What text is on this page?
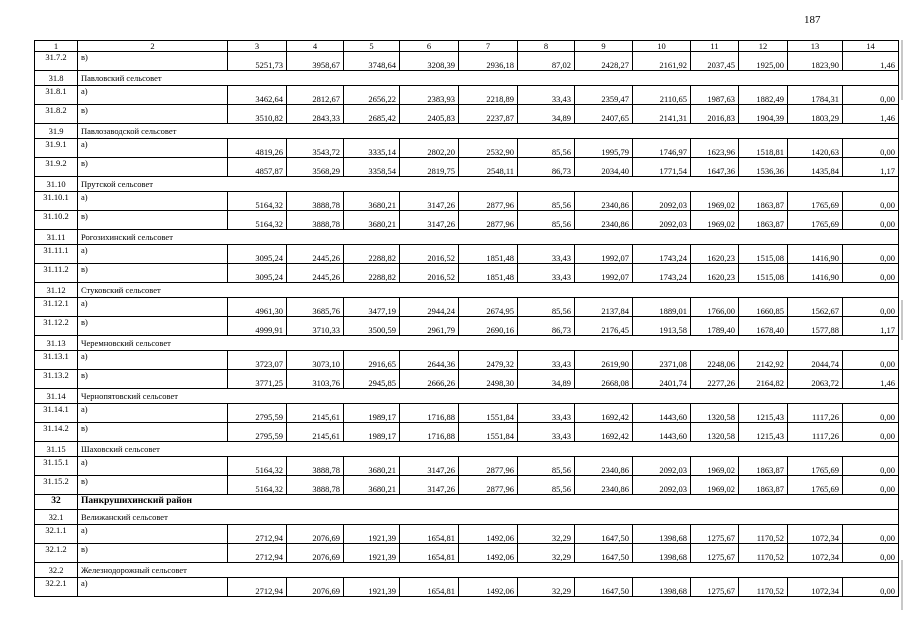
187
1	2	3	4	5	6	7	8	9	10	11	12	13	14
31.7.2	в)	5251,73	3958,67	3748,64	3208,39	2936,18	87,02	2428,27	2161,92	2037,45	1925,00	1823,90	1,46
31.8	Павловский сельсовет												
31.8.1	а)	3462,64	2812,67	2656,22	2383,93	2218,89	33,43	2359,47	2110,65	1987,63	1882,49	1784,31	0,00
31.8.2	в)	3510,82	2843,33	2685,42	2405,83	2237,87	34,89	2407,65	2141,31	2016,83	1904,39	1803,29	1,46
31.9	Павлозаводской сельсовет												
31.9.1	а)	4819,26	3543,72	3335,14	2802,20	2532,90	85,56	1995,79	1746,97	1623,96	1518,81	1420,63	0,00
31.9.2	в)	4857,87	3568,29	3358,54	2819,75	2548,11	86,73	2034,40	1771,54	1647,36	1536,36	1435,84	1,17
31.10	Прутской сельсовет												
31.10.1	а)	5164,32	3888,78	3680,21	3147,26	2877,96	85,56	2340,86	2092,03	1969,02	1863,87	1765,69	0,00
31.10.2	в)	5164,32	3888,78	3680,21	3147,26	2877,96	85,56	2340,86	2092,03	1969,02	1863,87	1765,69	0,00
31.11	Рогозихинский сельсовет												
31.11.1	а)	3095,24	2445,26	2288,82	2016,52	1851,48	33,43	1992,07	1743,24	1620,23	1515,08	1416,90	0,00
31.11.2	в)	3095,24	2445,26	2288,82	2016,52	1851,48	33,43	1992,07	1743,24	1620,23	1515,08	1416,90	0,00
31.12	Стуковский сельсовет												
31.12.1	а)	4961,30	3685,76	3477,19	2944,24	2674,95	85,56	2137,84	1889,01	1766,00	1660,85	1562,67	0,00
31.12.2	в)	4999,91	3710,33	3500,59	2961,79	2690,16	86,73	2176,45	1913,58	1789,40	1678,40	1577,88	1,17
31.13	Черемновский сельсовет												
31.13.1	а)	3723,07	3073,10	2916,65	2644,36	2479,32	33,43	2619,90	2371,08	2248,06	2142,92	2044,74	0,00
31.13.2	в)	3771,25	3103,76	2945,85	2666,26	2498,30	34,89	2668,08	2401,74	2277,26	2164,82	2063,72	1,46
31.14	Чернопятовский сельсовет												
31.14.1	а)	2795,59	2145,61	1989,17	1716,88	1551,84	33,43	1692,42	1443,60	1320,58	1215,43	1117,26	0,00
31.14.2	в)	2795,59	2145,61	1989,17	1716,88	1551,84	33,43	1692,42	1443,60	1320,58	1215,43	1117,26	0,00
31.15	Шаховский сельсовет												
31.15.1	а)	5164,32	3888,78	3680,21	3147,26	2877,96	85,56	2340,86	2092,03	1969,02	1863,87	1765,69	0,00
31.15.2	в)	5164,32	3888,78	3680,21	3147,26	2877,96	85,56	2340,86	2092,03	1969,02	1863,87	1765,69	0,00
32	Панкрушихинский район												
32.1	Велижанский сельсовет												
32.1.1	а)	2712,94	2076,69	1921,39	1654,81	1492,06	32,29	1647,50	1398,68	1275,67	1170,52	1072,34	0,00
32.1.2	в)	2712,94	2076,69	1921,39	1654,81	1492,06	32,29	1647,50	1398,68	1275,67	1170,52	1072,34	0,00
32.2	Железнодорожный сельсовет												
32.2.1	а)	2712,94	2076,69	1921,39	1654,81	1492,06	32,29	1647,50	1398,68	1275,67	1170,52	1072,34	0,00
